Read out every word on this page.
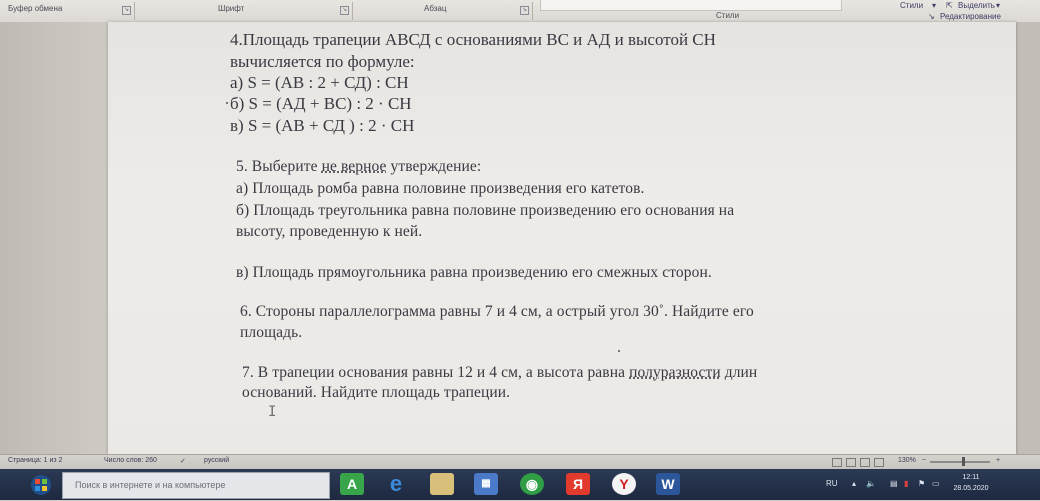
Буфер обмена	↘	Шрифт	↘	Абзац	↘
Стили
Стили ▾ ⇱ Выделить ▾
↘ Редактирование
4.Площадь трапеции АВСД с основаниями ВС и АД и высотой СН
вычисляется по формуле:
а) S = (АВ : 2 + СД) : СН
б) S = (АД + ВС) : 2 · СН
в) S = (АВ + СД ) : 2 · СН
5. Выберите не верное утверждение:
а) Площадь ромба равна половине произведения его катетов.
б) Площадь треугольника равна половине произведению его основания на
высоту, проведенную к ней.
в) Площадь прямоугольника равна произведению его смежных сторон.
6. Стороны параллелограмма равны 7 и 4 см, а острый угол 30˚. Найдите его
площадь.
7. В трапеции основания равны 12 и 4 см, а высота равна полуразности длин
оснований. Найдите площадь трапеции.
I
Страница: 1 из 2	Число слов: 260	✓	русский	130% −	+
Поиск в интернете и на компьютере	A	e	▦	◉	Я	Y	W	RU ▴ 🔈 ▤ ▮ ⚑ ▭
12:11
28.05.2020
